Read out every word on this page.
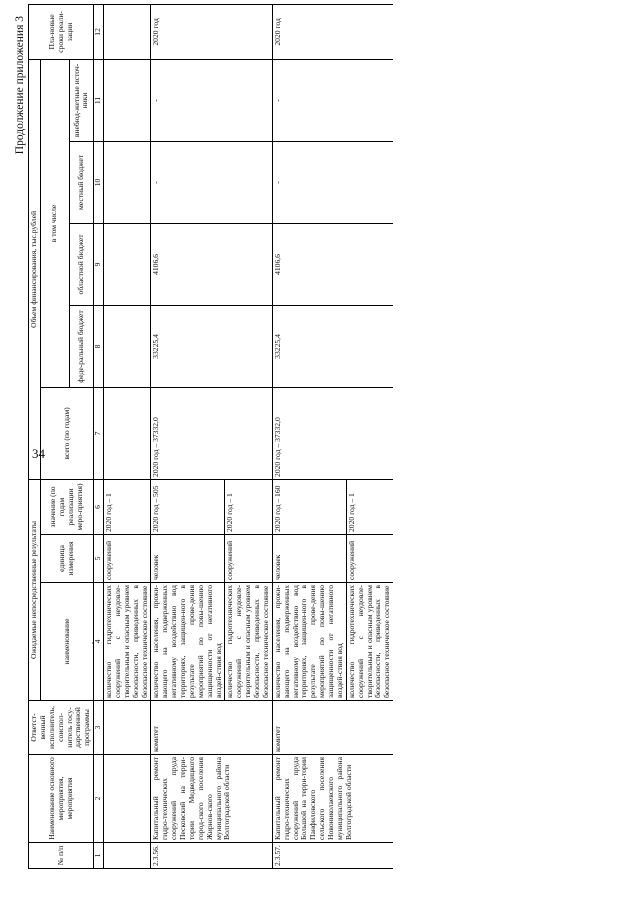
34
Продолжение приложения 3
№ п/п	Наименование основного мероприятия, мероприятия	Ответст-венный исполнитель, соиспол-нитель госу-дарственной программы	Ожидаемые непосредственные результаты			Объем финансирования, тыс.рублей					Пла-новые сроки реали-зации
			наименование	единица измерения	значение (по годам реализации меро-приятия)	всего (по годам)	в том числе				
							феде-ральный бюджет	областной бюджет	местный бюджет	внебюд-жетные источ-ники	
1	2	3	4	5	6	7	8	9	10	11	12
			количество гидротехнических сооружений с неудовле-творительным и опасным уровнем безопасности, приведенных в безопасное техническое состояние	сооружений	2020 год – 1						
2.3.56.	Капитальный ремонт гидро-технических сооружений пруда Песковский на терри-тории Медведицкого город-ского поселения Жирнов-ского муниципального района Волгоградской области	комитет	количество населения, прожи-вающего на подверженных негативному воздействию вод территориях, защищен-ного в результате прове-дения мероприятий по повы-шению защищенности от негативного воздей-ствия вод	человек	2020 год – 505	2020 год – 37332,0	33225,4	4106,6	-	-	2020 год
			количество гидротехнических сооружений с неудовле-творительным и опасным уровнем безопасности, приведенных в безопасное техническое состояние	сооружений	2020 год – 1						
2.3.57.	Капитальный ремонт гидро-технических сооружений пруда Большой на терри-тории Панфиловского сельского поселения Новониколаевского муниципального района Волгоградской области	комитет	количество населения, прожи-вающего на подверженных негативному воздействию вод территориях, защищен-ного в результате прове-дения мероприятий по повы-шению защищенности от негативного воздей-ствия вод	человек	2020 год – 160	2020 год – 37332,0	33225,4	4106,6	-	-	2020 год
			количество гидротехнических сооружений с неудовле-творительным и опасным уровнем безопасности, приведенных в безопасное техническое состояние	сооружений	2020 год – 1						
